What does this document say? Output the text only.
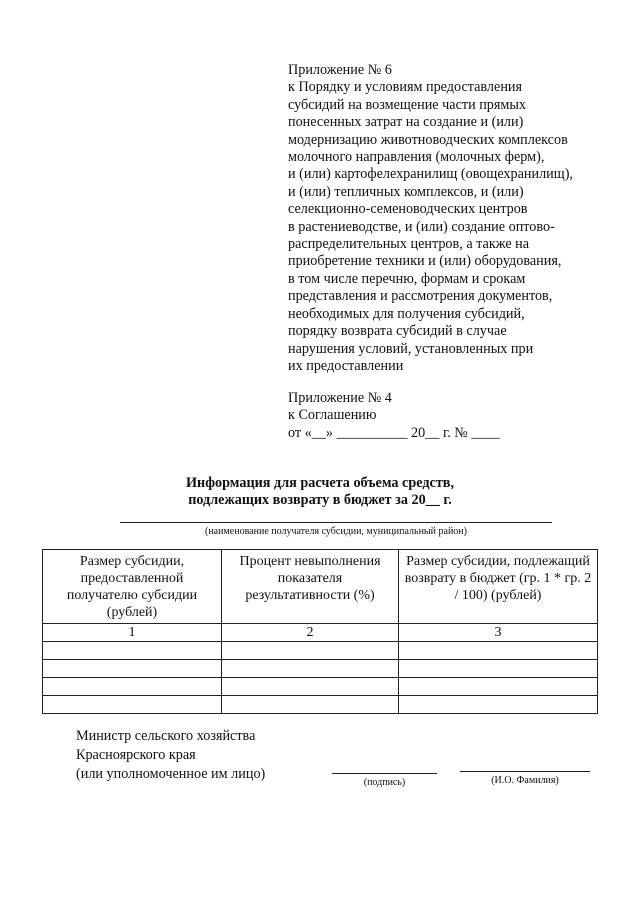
Приложение № 6
к Порядку и условиям предоставления
субсидий на возмещение части прямых
понесенных затрат на создание и (или)
модернизацию животноводческих комплексов
молочного направления (молочных ферм),
и (или) картофелехранилищ (овощехранилищ),
и (или) тепличных комплексов, и (или)
селекционно-семеноводческих центров
в растениеводстве, и (или) создание оптово-
распределительных центров, а также на
приобретение техники и (или) оборудования,
в том числе перечню, формам и срокам
представления и рассмотрения документов,
необходимых для получения субсидий,
порядку возврата субсидий в случае
нарушения условий, установленных при
их предоставлении
Приложение № 4
к Соглашению
от «__» __________ 20__ г. № ____
Информация для расчета объема средств,
подлежащих возврату в бюджет за 20__ г.
(наименование получателя субсидии, муниципальный район)
Размер субсидии, предоставленной получателю субсидии (рублей)	Процент невыполнения показателя результативности (%)	Размер субсидии, подлежащий возврату в бюджет (гр. 1 * гр. 2 / 100) (рублей)
1	2	3

Министр сельского хозяйства
Красноярского края
(или уполномоченное им лицо)
(подпись)	(И.О. Фамилия)
